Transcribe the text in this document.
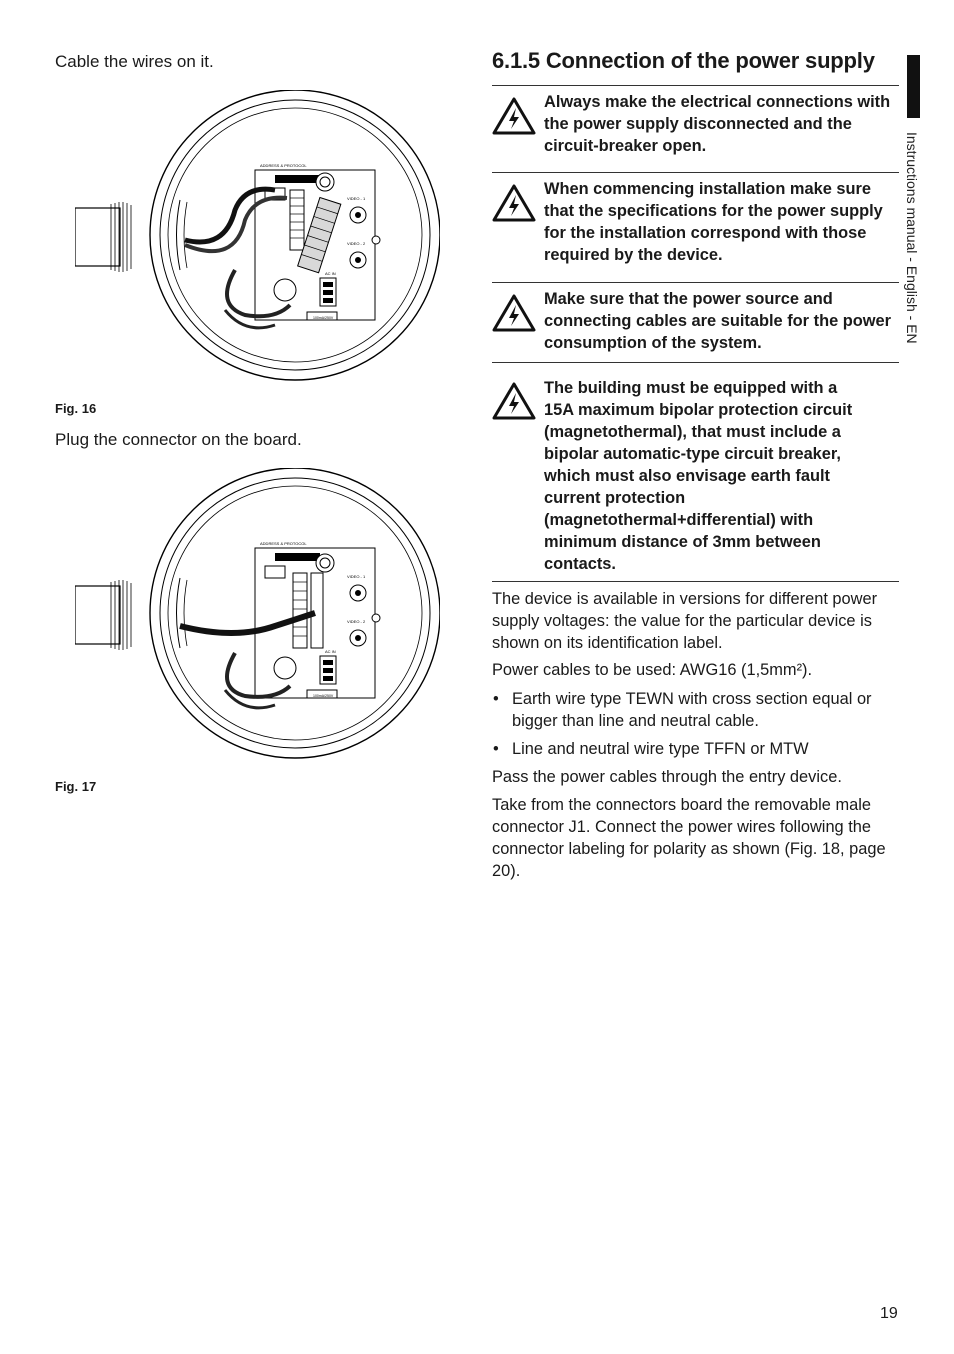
Cable the wires on it.
ADDRESS & PROTOCOL
VIDEO - 1
VIDEO - 2
100mA/250V
AC IN
Fig. 16
Plug the connector on the board.
ADDRESS & PROTOCOL
VIDEO - 1
VIDEO - 2
100mA/250V
AC IN
Fig. 17
6.1.5 Connection of the power supply
Always make the electrical connections with the power supply disconnected and the circuit-breaker open.
When commencing installation make sure that the specifications for the power supply for the installation correspond with those required by the device.
Make sure that the power source and connecting cables are suitable for the power consumption of the system.
The building must be equipped with a 15A maximum bipolar protection circuit (magnetothermal), that must include a bipolar automatic-type circuit breaker, which must also envisage earth fault current protection (magnetothermal+differential) with minimum distance of 3mm between contacts.
The device is available in versions for different power supply voltages: the value for the particular device is shown on its identification label.
Power cables to be used: AWG16 (1,5mm²).
• Earth wire type TEWN with cross section equal or bigger than line and neutral cable.
• Line and neutral wire type TFFN or MTW
Pass the power cables through the entry device.
Take from the connectors board the removable male connector J1. Connect the power wires following the connector labeling for polarity as shown (Fig. 18, page 20).
Instructions manual - English - EN
19
